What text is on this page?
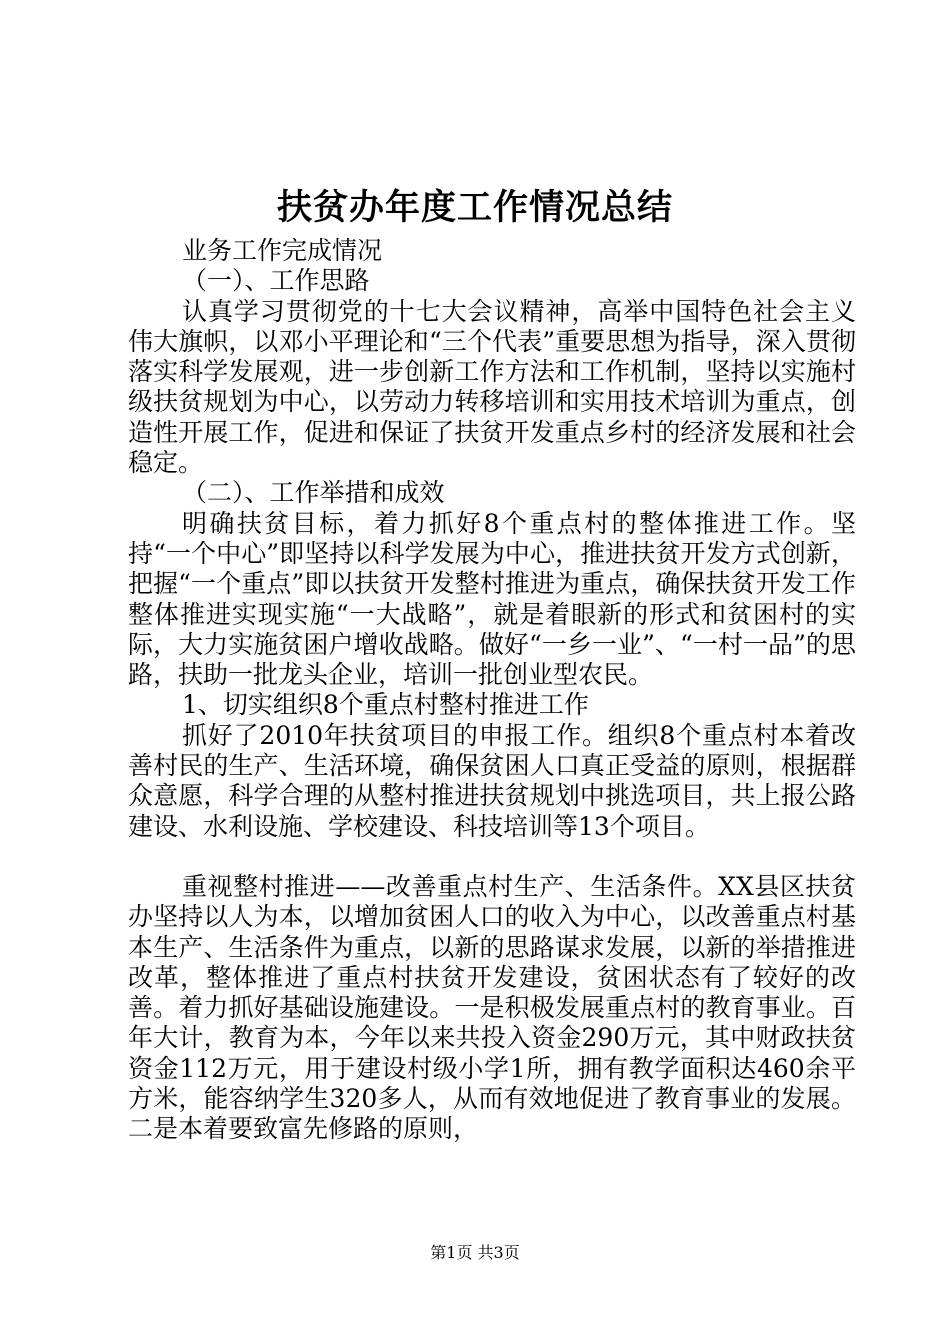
扶贫办年度工作情况总结

业务工作完成情况

（一）、工作思路

认真学习贯彻党的十七大会议精神，高举中国特色社会主义伟大旗帜，以邓小平理论和“三个代表”重要思想为指导，深入贯彻落实科学发展观，进一步创新工作方法和工作机制，坚持以实施村级扶贫规划为中心，以劳动力转移培训和实用技术培训为重点，创造性开展工作，促进和保证了扶贫开发重点乡村的经济发展和社会稳定。

（二）、工作举措和成效

明确扶贫目标，着力抓好8个重点村的整体推进工作。坚持“一个中心”即坚持以科学发展为中心，推进扶贫开发方式创新，把握“一个重点”即以扶贫开发整村推进为重点，确保扶贫开发工作整体推进实现实施“一大战略”，就是着眼新的形式和贫困村的实际，大力实施贫困户增收战略。做好“一乡一业”、“一村一品”的思路，扶助一批龙头企业，培训一批创业型农民。

1、切实组织8个重点村整村推进工作

抓好了2010年扶贫项目的申报工作。组织8个重点村本着改善村民的生产、生活环境，确保贫困人口真正受益的原则，根据群众意愿，科学合理的从整村推进扶贫规划中挑选项目，共上报公路建设、水利设施、学校建设、科技培训等13个项目。

重视整村推进——改善重点村生产、生活条件。XX县区扶贫办坚持以人为本，以增加贫困人口的收入为中心，以改善重点村基本生产、生活条件为重点，以新的思路谋求发展，以新的举措推进改革，整体推进了重点村扶贫开发建设，贫困状态有了较好的改善。着力抓好基础设施建设。一是积极发展重点村的教育事业。百年大计，教育为本，今年以来共投入资金290万元，其中财政扶贫资金112万元，用于建设村级小学1所，拥有教学面积达460余平方米，能容纳学生320多人，从而有效地促进了教育事业的发展。二是本着要致富先修路的原则，

第1页 共3页
